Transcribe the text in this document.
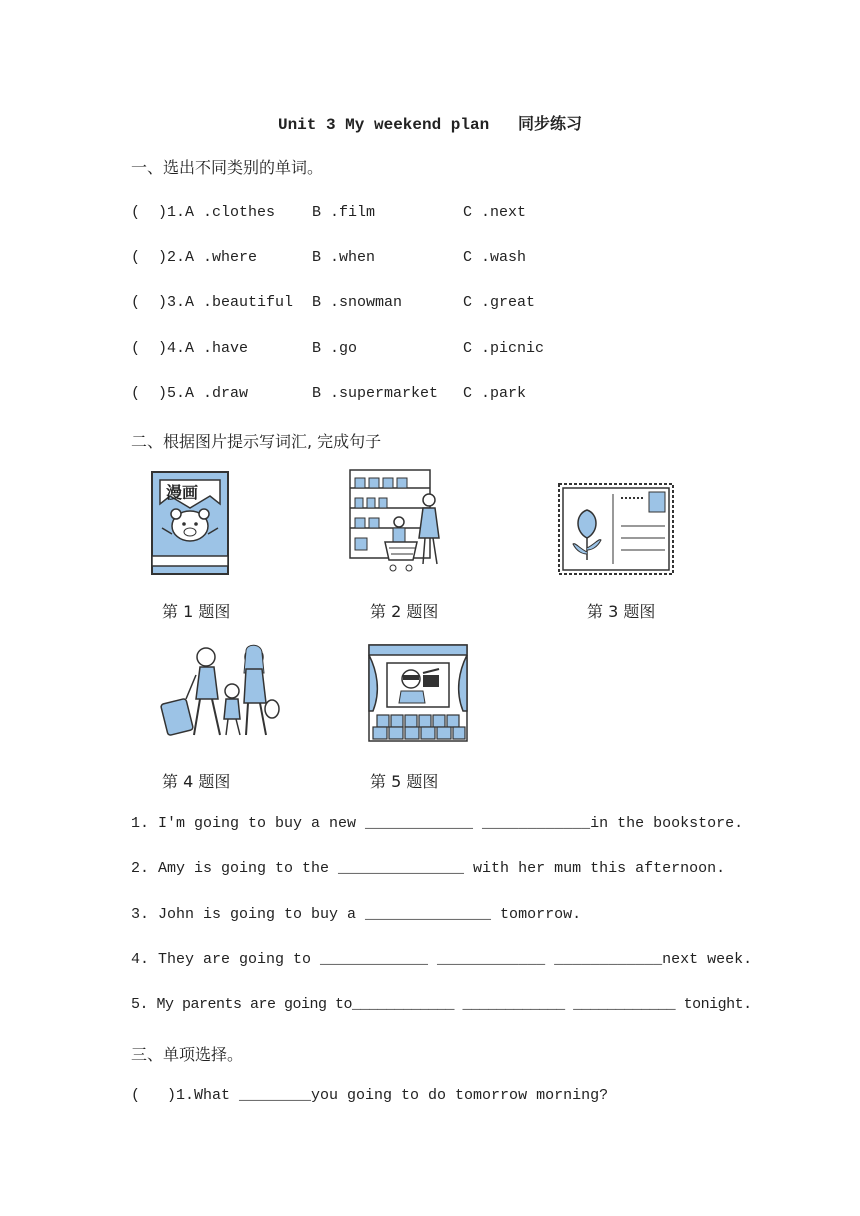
Unit 3 My weekend plan   同步练习
一、选出不同类别的单词。
(  )1.A .clothes B .film	C .next
(  )2.A .where	B .when	C .wash
(  )3.A .beautiful B .snowman	C .great
(  )4.A .have	B .go	C .picnic
(  )5.A .draw	B .supermarket C .park
二、根据图片提示写词汇, 完成句子
漫画
第 1 题图	第 2 题图	第 3 题图
第 4 题图	第 5 题图
1. I'm going to buy a new ____________ ____________in the bookstore.
2. Amy is going to the ______________ with her mum this afternoon.
3. John is going to buy a ______________ tomorrow.
4. They are going to ____________ ____________ ____________next week.
5. My parents are going to____________ ____________ ____________ tonight.
三、单项选择。
(   )1.What ________you going to do tomorrow morning?
